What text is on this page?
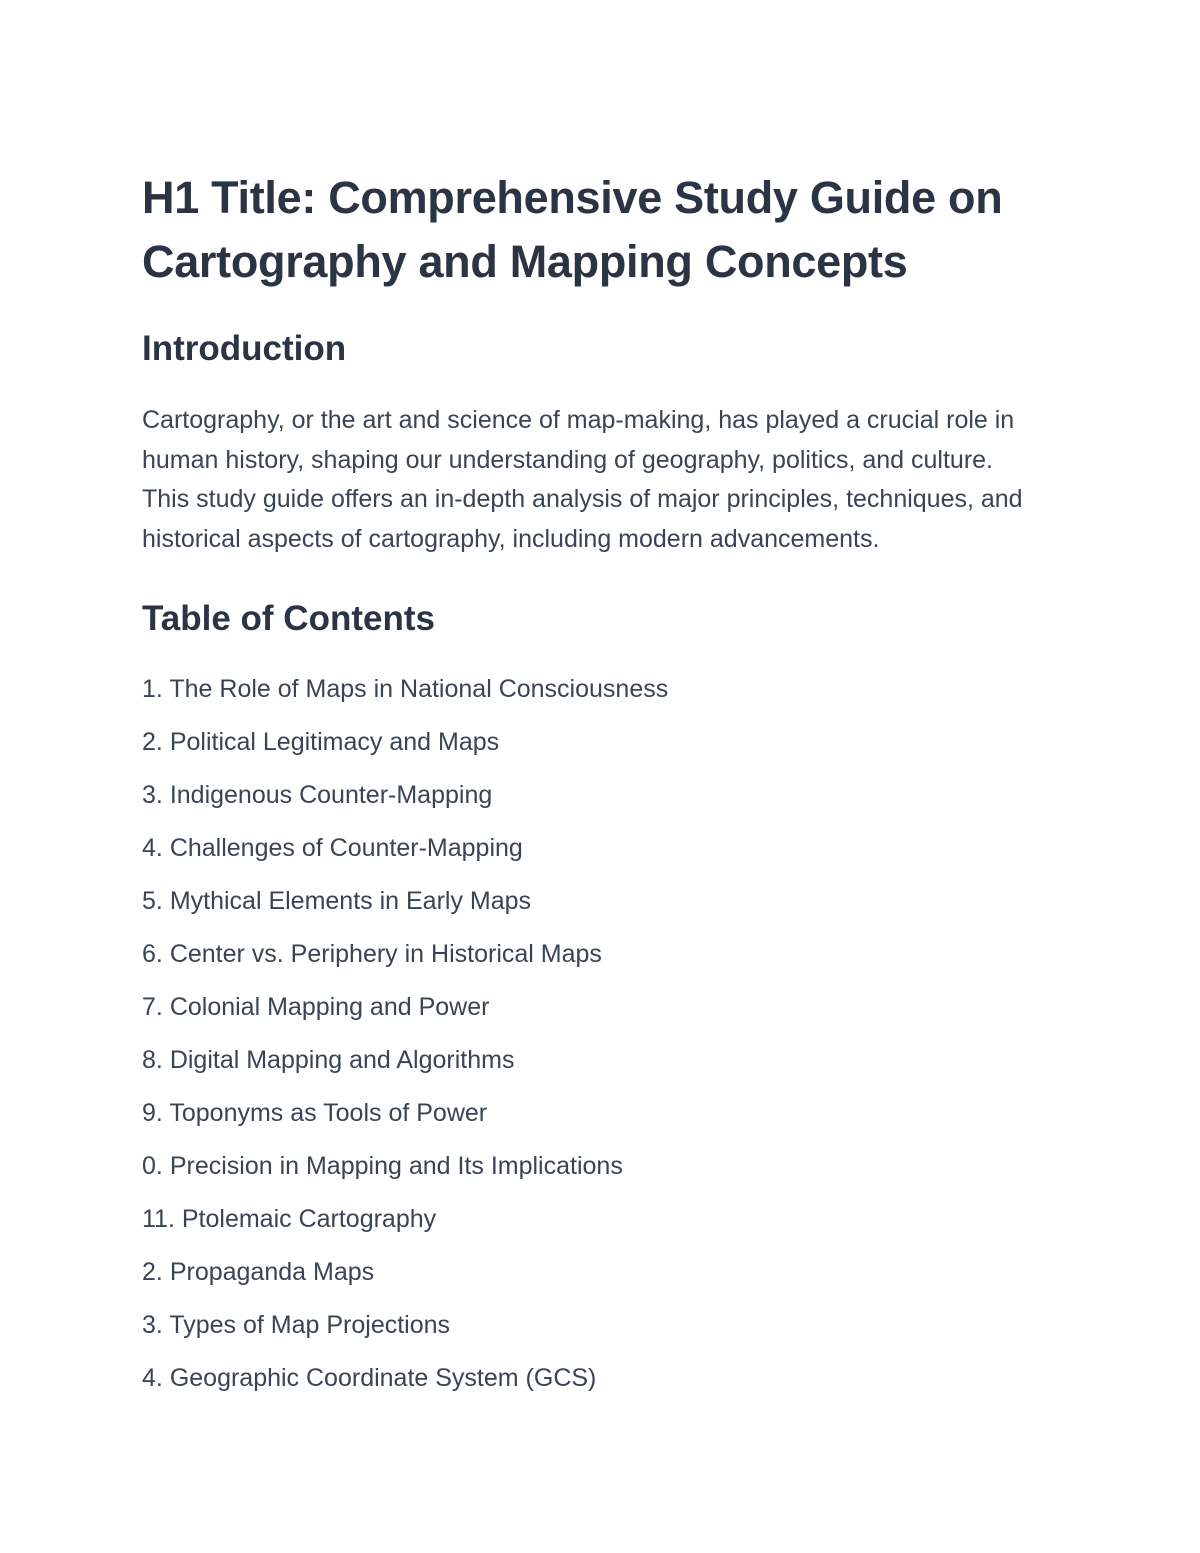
H1 Title: Comprehensive Study Guide on Cartography and Mapping Concepts
Introduction

Cartography, or the art and science of map-making, has played a crucial role in human history, shaping our understanding of geography, politics, and culture. This study guide offers an in-depth analysis of major principles, techniques, and historical aspects of cartography, including modern advancements.

Table of Contents
1. The Role of Maps in National Consciousness
2. Political Legitimacy and Maps
3. Indigenous Counter-Mapping
4. Challenges of Counter-Mapping
5. Mythical Elements in Early Maps
6. Center vs. Periphery in Historical Maps
7. Colonial Mapping and Power
8. Digital Mapping and Algorithms
9. Toponyms as Tools of Power
0. Precision in Mapping and Its Implications
11. Ptolemaic Cartography
2. Propaganda Maps
3. Types of Map Projections
4. Geographic Coordinate System (GCS)
